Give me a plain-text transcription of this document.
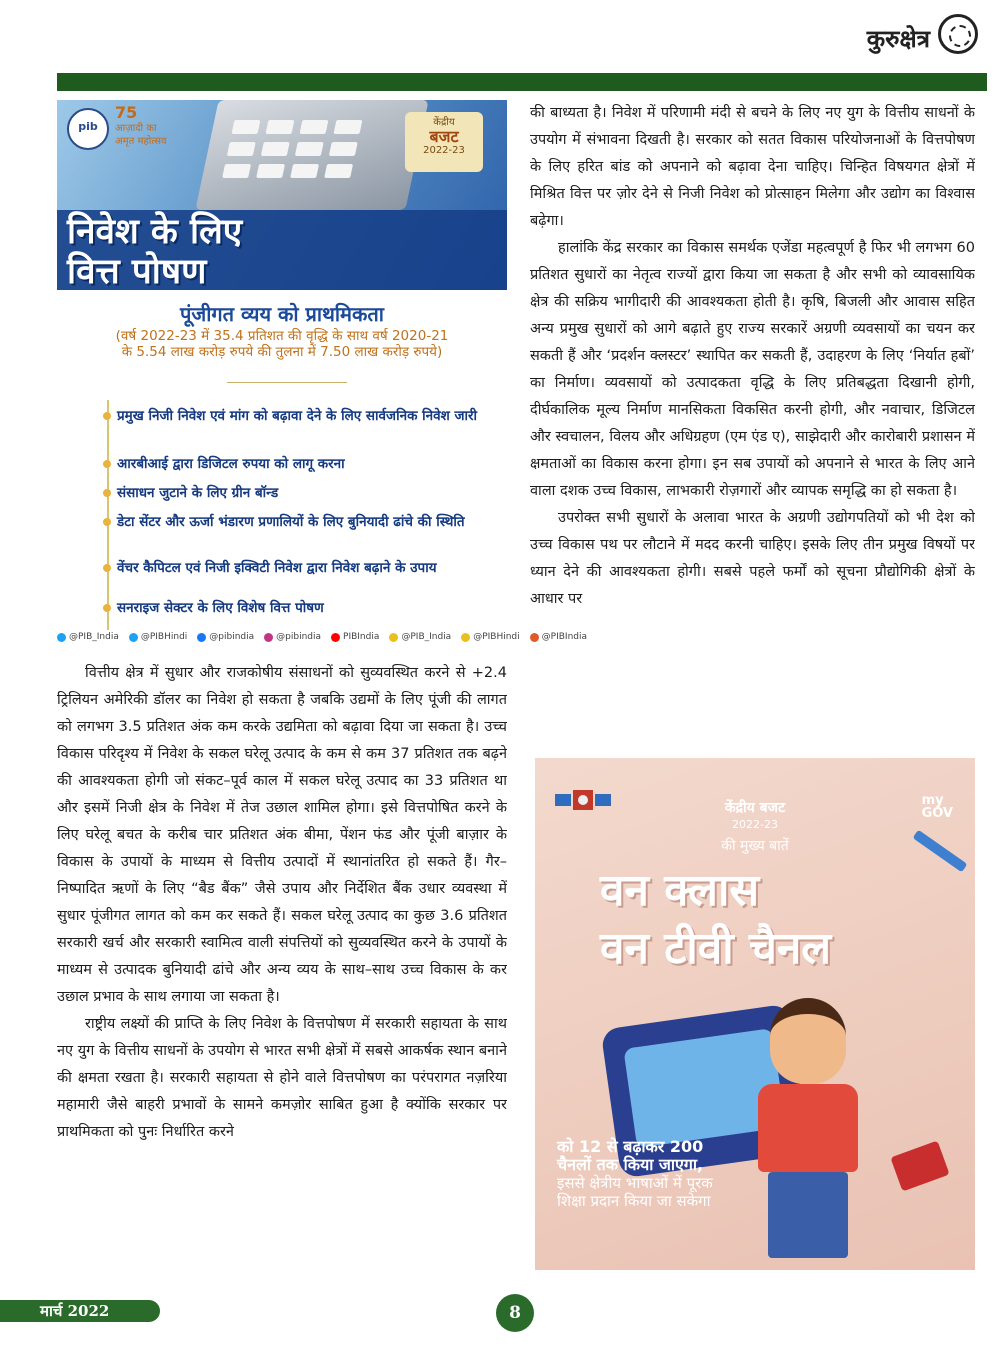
कुरुक्षेत्र
pib
75
आज़ादी का
अमृत महोत्सव
केंद्रीय
बजट
2022-23
निवेश के लिए
वित्त पोषण
पूंजीगत व्यय को प्राथमिकता
(वर्ष 2022-23 में 35.4 प्रतिशत की वृद्धि के साथ वर्ष 2020-21
के 5.54 लाख करोड़ रुपये की तुलना में 7.50 लाख करोड़ रुपये)
प्रमुख निजी निवेश एवं मांग को बढ़ावा देने के लिए सार्वजनिक निवेश जारी
आरबीआई द्वारा डिजिटल रुपया को लागू करना
संसाधन जुटाने के लिए ग्रीन बॉन्ड
डेटा सेंटर और ऊर्जा भंडारण प्रणालियों के लिए बुनियादी ढांचे की स्थिति
वेंचर कैपिटल एवं निजी इक्विटी निवेश द्वारा निवेश बढ़ाने के उपाय
सनराइज सेक्टर के लिए विशेष वित्त पोषण
@PIB_India @PIBHindi @pibindia @pibindia PIBIndia @PIB_India @PIBHindi @PIBIndia

वित्तीय क्षेत्र में सुधार और राजकोषीय संसाधनों को सुव्यवस्थित करने से +2.4 ट्रिलियन अमेरिकी डॉलर का निवेश हो सकता है जबकि उद्यमों के लिए पूंजी की लागत को लगभग 3.5 प्रतिशत अंक कम करके उद्यमिता को बढ़ावा दिया जा सकता है। उच्च विकास परिदृश्य में निवेश के सकल घरेलू उत्पाद के कम से कम 37 प्रतिशत तक बढ़ने की आवश्यकता होगी जो संकट–पूर्व काल में सकल घरेलू उत्पाद का 33 प्रतिशत था और इसमें निजी क्षेत्र के निवेश में तेज उछाल शामिल होगा। इसे वित्तपोषित करने के लिए घरेलू बचत के करीब चार प्रतिशत अंक बीमा, पेंशन फंड और पूंजी बाज़ार के विकास के उपायों के माध्यम से वित्तीय उत्पादों में स्थानांतरित हो सकते हैं। गैर–निष्पादित ऋणों के लिए “बैड बैंक” जैसे उपाय और निर्देशित बैंक उधार व्यवस्था में सुधार पूंजीगत लागत को कम कर सकते हैं। सकल घरेलू उत्पाद का कुछ 3.6 प्रतिशत सरकारी खर्च और सरकारी स्वामित्व वाली संपत्तियों को सुव्यवस्थित करने के उपायों के माध्यम से उत्पादक बुनियादी ढांचे और अन्य व्यय के साथ–साथ उच्च विकास के कर उछाल प्रभाव के साथ लगाया जा सकता है।

राष्ट्रीय लक्ष्यों की प्राप्ति के लिए निवेश के वित्तपोषण में सरकारी सहायता के साथ नए युग के वित्तीय साधनों के उपयोग से भारत सभी क्षेत्रों में सबसे आकर्षक स्थान बनाने की क्षमता रखता है। सरकारी सहायता से होने वाले वित्तपोषण का परंपरागत नज़रिया महामारी जैसे बाहरी प्रभावों के सामने कमज़ोर साबित हुआ है क्योंकि सरकार पर प्राथमिकता को पुनः निर्धारित करने

की बाध्यता है। निवेश में परिणामी मंदी से बचने के लिए नए युग के वित्तीय साधनों के उपयोग में संभावना दिखती है। सरकार को सतत विकास परियोजनाओं के वित्तपोषण के लिए हरित बांड को अपनाने को बढ़ावा देना चाहिए। चिन्हित विषयगत क्षेत्रों में मिश्रित वित्त पर ज़ोर देने से निजी निवेश को प्रोत्साहन मिलेगा और उद्योग का विश्वास बढ़ेगा।

हालांकि केंद्र सरकार का विकास समर्थक एजेंडा महत्वपूर्ण है फिर भी लगभग 60 प्रतिशत सुधारों का नेतृत्व राज्यों द्वारा किया जा सकता है और सभी को व्यावसायिक क्षेत्र की सक्रिय भागीदारी की आवश्यकता होती है। कृषि, बिजली और आवास सहित अन्य प्रमुख सुधारों को आगे बढ़ाते हुए राज्य सरकारें अग्रणी व्यवसायों का चयन कर सकती हैं और ‘प्रदर्शन क्लस्टर’ स्थापित कर सकती हैं, उदाहरण के लिए ‘निर्यात हबों’ का निर्माण। व्यवसायों को उत्पादकता वृद्धि के लिए प्रतिबद्धता दिखानी होगी, दीर्घकालिक मूल्य निर्माण मानसिकता विकसित करनी होगी, और नवाचार, डिजिटल और स्वचालन, विलय और अधिग्रहण (एम एंड ए), साझेदारी और कारोबारी प्रशासन में क्षमताओं का विकास करना होगा। इन सब उपायों को अपनाने से भारत के लिए आने वाला दशक उच्च विकास, लाभकारी रोज़गारों और व्यापक समृद्धि का हो सकता है।

उपरोक्त सभी सुधारों के अलावा भारत के अग्रणी उद्योगपतियों को भी देश को उच्च विकास पथ पर लौटाने में मदद करनी चाहिए। इसके लिए तीन प्रमुख विषयों पर ध्यान देने की आवश्यकता होगी। सबसे पहले फर्मों को सूचना प्रौद्योगिकी क्षेत्रों के आधार पर

केंद्रीय बजट
2022-23
की मुख्य बातें
my
GOV
वन क्लास
वन टीवी चैनल
को 12 से बढ़ाकर 200
चैनलों तक किया जाएगा,
इससे क्षेत्रीय भाषाओं में पूरक
शिक्षा प्रदान किया जा सकेगा
मार्च 2022	8
